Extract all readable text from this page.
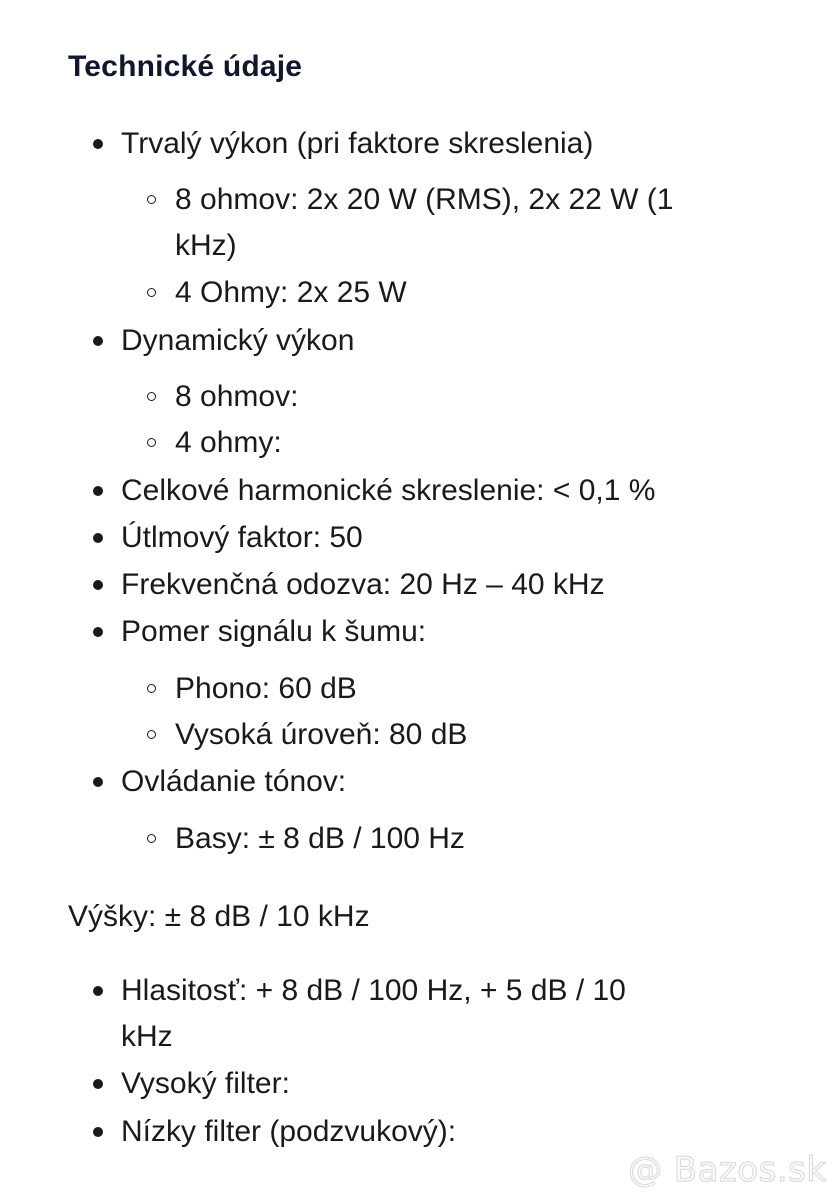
Technické údaje
Trvalý výkon (pri faktore skreslenia)
8 ohmov: 2x 20 W (RMS), 2x 22 W (1
kHz)
4 Ohmy: 2x 25 W
Dynamický výkon
8 ohmov:
4 ohmy:
Celkové harmonické skreslenie: < 0,1 %
Útlmový faktor: 50
Frekvenčná odozva: 20 Hz – 40 kHz
Pomer signálu k šumu:
Phono: 60 dB
Vysoká úroveň: 80 dB
Ovládanie tónov:
Basy: ± 8 dB / 100 Hz
Výšky: ± 8 dB / 10 kHz
Hlasitosť: + 8 dB / 100 Hz, + 5 dB / 10
kHz
Vysoký filter:
Nízky filter (podzvukový):
@ Bazos.sk
